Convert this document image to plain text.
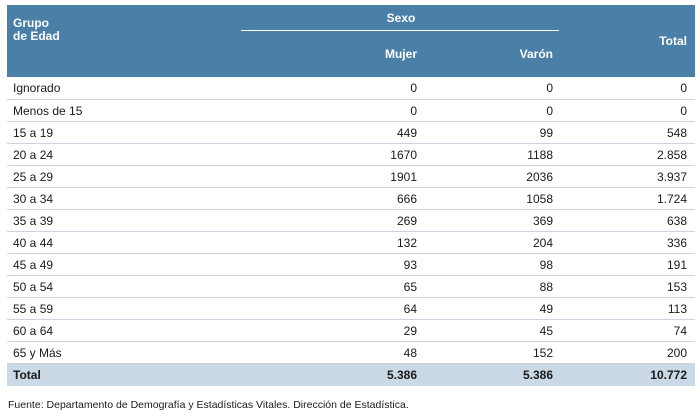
Grupo
de Edad	Sexo		Total
	Mujer	Varón	
Ignorado	0	0	0
Menos de 15	0	0	0
15 a 19	449	99	548
20 a 24	1670	1188	2.858
25 a 29	1901	2036	3.937
30 a 34	666	1058	1.724
35 a 39	269	369	638
40 a 44	132	204	336
45 a 49	93	98	191
50 a 54	65	88	153
55 a 59	64	49	113
60 a 64	29	45	74
65 y Más	48	152	200
Total	5.386	5.386	10.772
Fuente: Departamento de Demografía y Estadísticas Vitales. Dirección de Estadística.
